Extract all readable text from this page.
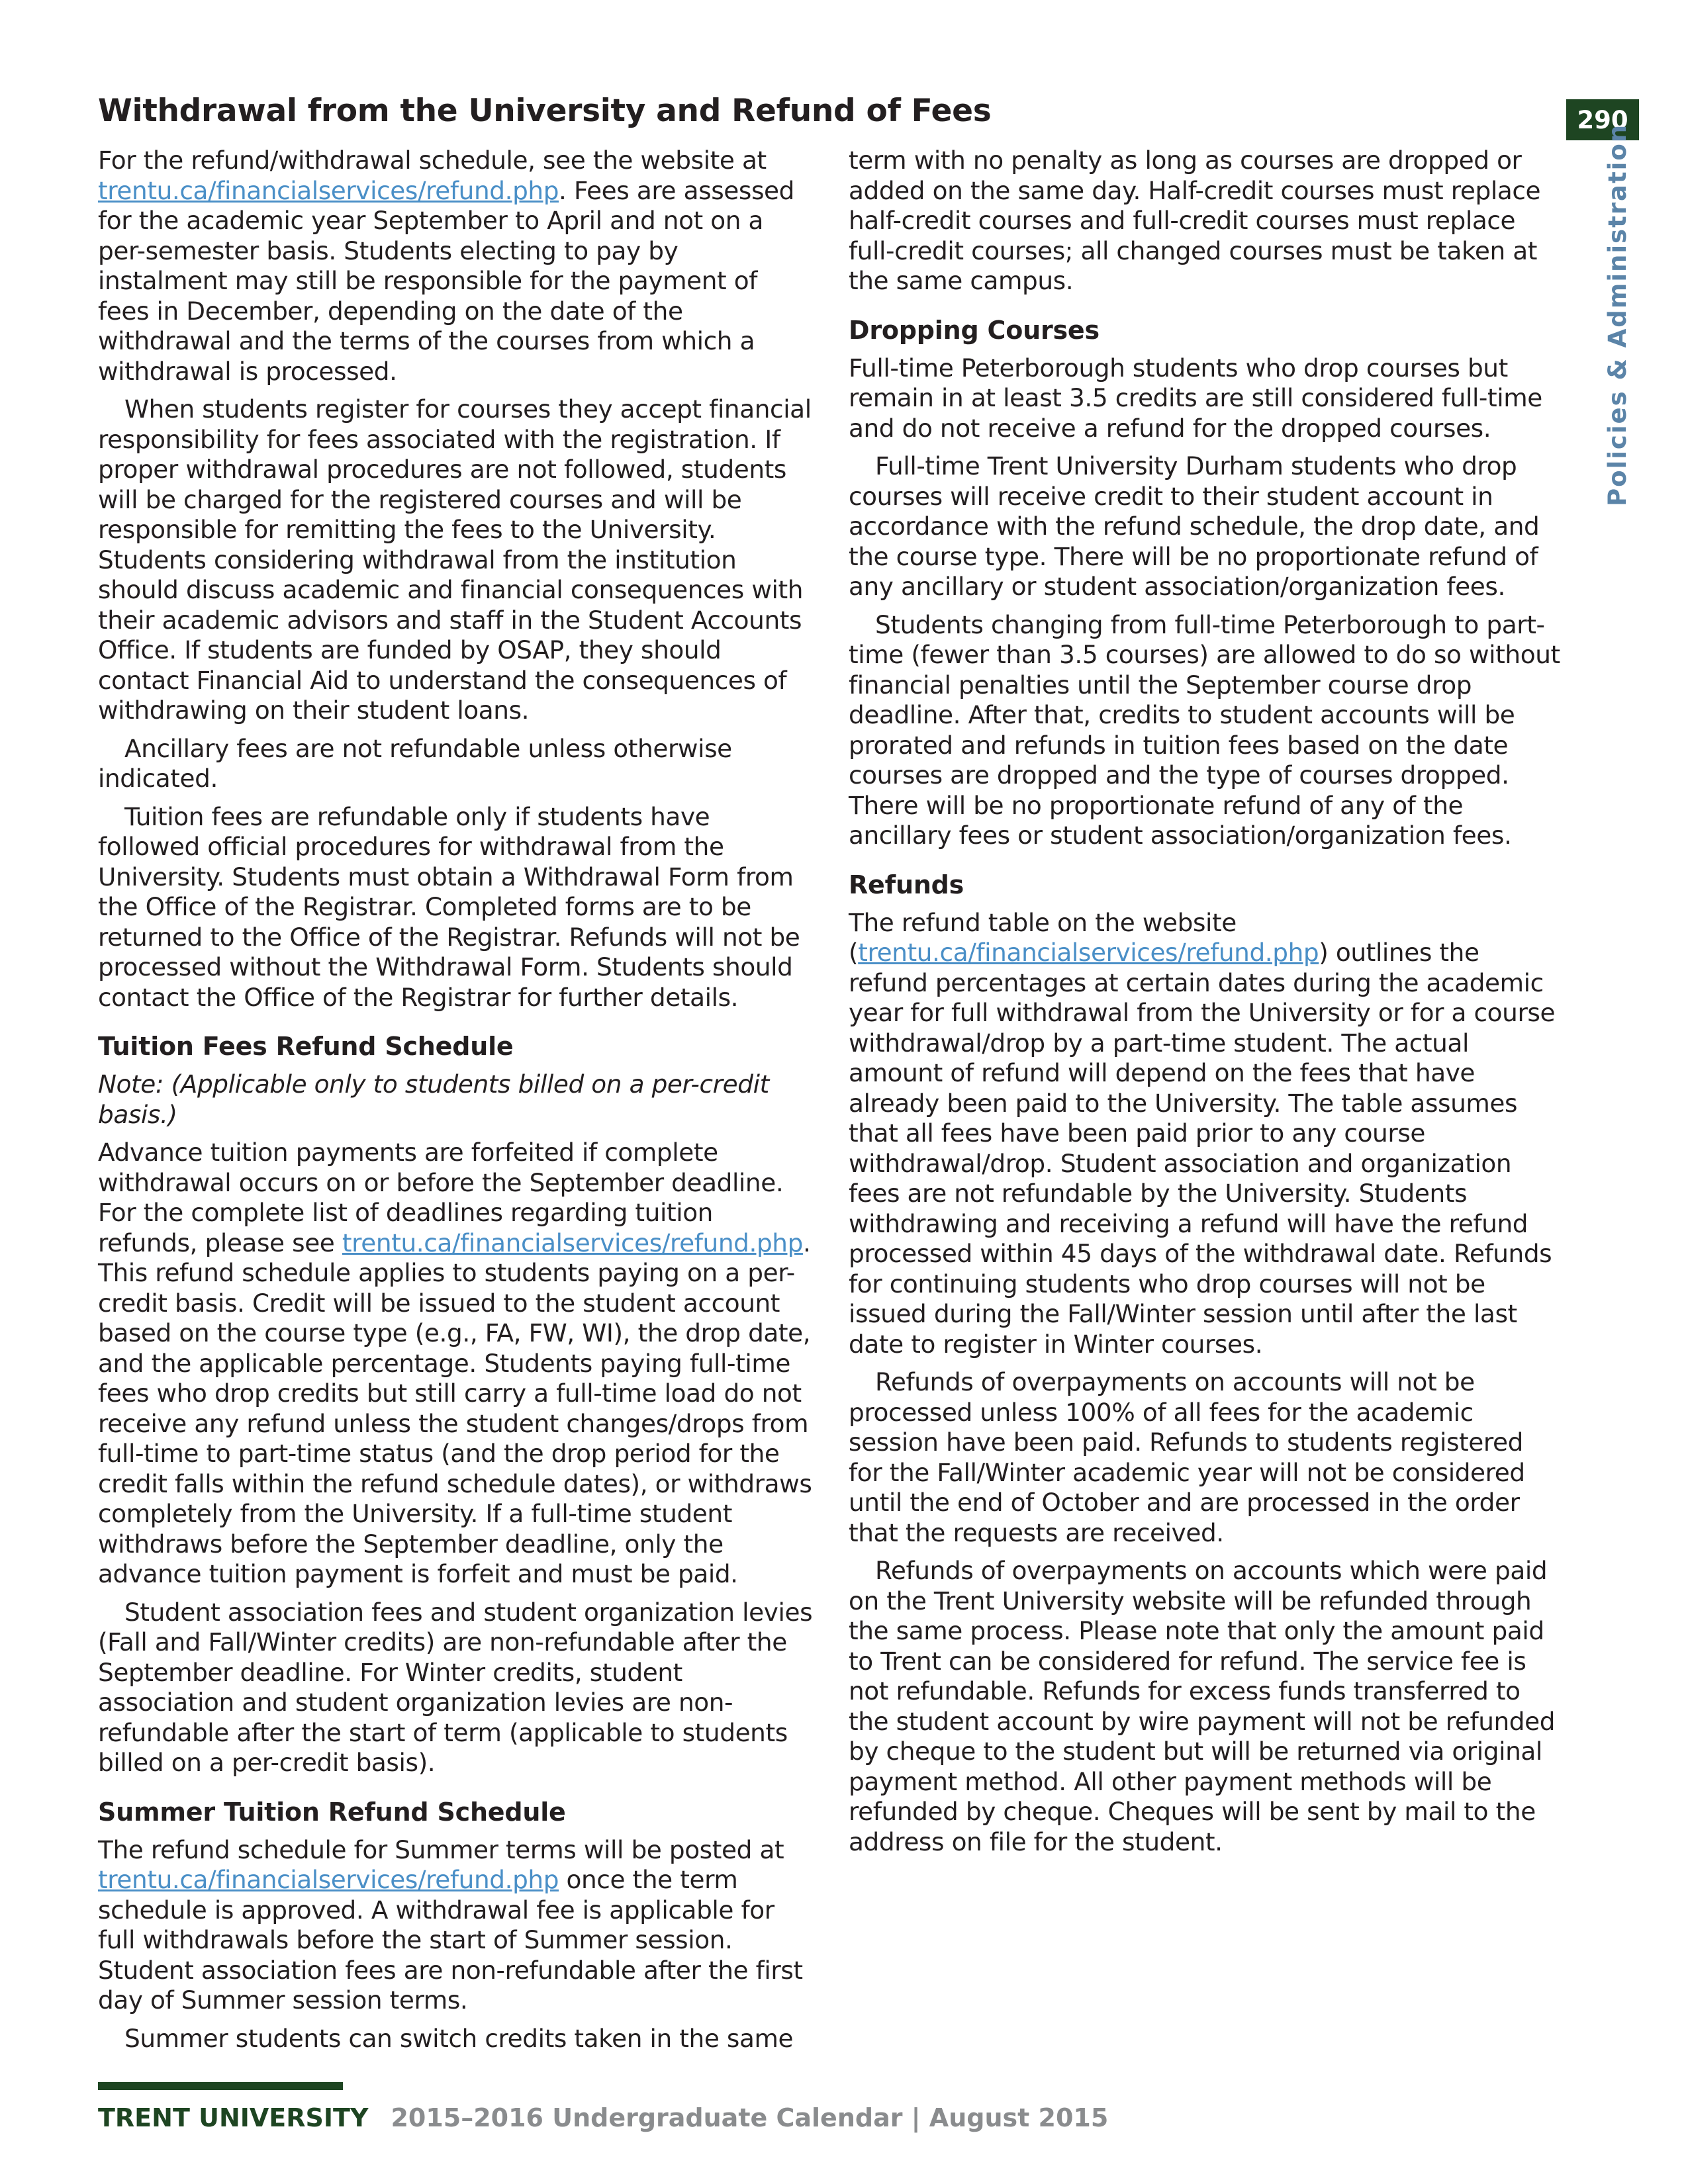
Withdrawal from the University and Refund of Fees	290
Policies & Administration

For the refund/withdrawal schedule, see the website at trentu.ca/financialservices/refund.php. Fees are assessed for the academic year September to April and not on a per-semester basis. Students electing to pay by instalment may still be responsible for the payment of fees in December, depending on the date of the withdrawal and the terms of the courses from which a withdrawal is processed.

When students register for courses they accept financial responsibility for fees associated with the registration. If proper withdrawal procedures are not followed, students will be charged for the registered courses and will be responsible for remitting the fees to the University. Students considering withdrawal from the institution should discuss academic and financial consequences with their academic advisors and staff in the Student Accounts Office. If students are funded by OSAP, they should contact Financial Aid to understand the consequences of withdrawing on their student loans.

Ancillary fees are not refundable unless otherwise indicated.

Tuition fees are refundable only if students have followed official procedures for withdrawal from the University. Students must obtain a Withdrawal Form from the Office of the Registrar. Completed forms are to be returned to the Office of the Registrar. Refunds will not be processed without the Withdrawal Form. Students should contact the Office of the Registrar for further details.

Tuition Fees Refund Schedule

Note: (Applicable only to students billed on a per-credit basis.)

Advance tuition payments are forfeited if complete withdrawal occurs on or before the September deadline. For the complete list of deadlines regarding tuition refunds, please see trentu.ca/financialservices/refund.php. This refund schedule applies to students paying on a per-credit basis. Credit will be issued to the student account based on the course type (e.g., FA, FW, WI), the drop date, and the applicable percentage. Students paying full-time fees who drop credits but still carry a full-time load do not receive any refund unless the student changes/drops from full-time to part-time status (and the drop period for the credit falls within the refund schedule dates), or withdraws completely from the University. If a full-time student withdraws before the September deadline, only the advance tuition payment is forfeit and must be paid.

Student association fees and student organization levies (Fall and Fall/Winter credits) are non-refundable after the September deadline. For Winter credits, student association and student organization levies are non-refundable after the start of term (applicable to students billed on a per-credit basis).

Summer Tuition Refund Schedule

The refund schedule for Summer terms will be posted at trentu.ca/financialservices/refund.php once the term schedule is approved. A withdrawal fee is applicable for full withdrawals before the start of Summer session. Student association fees are non-refundable after the first day of Summer session terms.

Summer students can switch credits taken in the same

term with no penalty as long as courses are dropped or added on the same day. Half-credit courses must replace half-credit courses and full-credit courses must replace full-credit courses; all changed courses must be taken at the same campus.

Dropping Courses

Full-time Peterborough students who drop courses but remain in at least 3.5 credits are still considered full-time and do not receive a refund for the dropped courses.

Full-time Trent University Durham students who drop courses will receive credit to their student account in accordance with the refund schedule, the drop date, and the course type. There will be no proportionate refund of any ancillary or student association/organization fees.

Students changing from full-time Peterborough to part-time (fewer than 3.5 courses) are allowed to do so without financial penalties until the September course drop deadline. After that, credits to student accounts will be prorated and refunds in tuition fees based on the date courses are dropped and the type of courses dropped. There will be no proportionate refund of any of the ancillary fees or student association/organization fees.

Refunds

The refund table on the website (trentu.ca/financialservices/refund.php) outlines the refund percentages at certain dates during the academic year for full withdrawal from the University or for a course withdrawal/drop by a part-time student. The actual amount of refund will depend on the fees that have already been paid to the University. The table assumes that all fees have been paid prior to any course withdrawal/drop. Student association and organization fees are not refundable by the University. Students withdrawing and receiving a refund will have the refund processed within 45 days of the withdrawal date. Refunds for continuing students who drop courses will not be issued during the Fall/Winter session until after the last date to register in Winter courses.

Refunds of overpayments on accounts will not be processed unless 100% of all fees for the academic session have been paid. Refunds to students registered for the Fall/Winter academic year will not be considered until the end of October and are processed in the order that the requests are received.

Refunds of overpayments on accounts which were paid on the Trent University website will be refunded through the same process. Please note that only the amount paid to Trent can be considered for refund. The service fee is not refundable. Refunds for excess funds transferred to the student account by wire payment will not be refunded by cheque to the student but will be returned via original payment method. All other payment methods will be refunded by cheque. Cheques will be sent by mail to the address on file for the student.

TRENT UNIVERSITY 2015–2016 Undergraduate Calendar | August 2015
